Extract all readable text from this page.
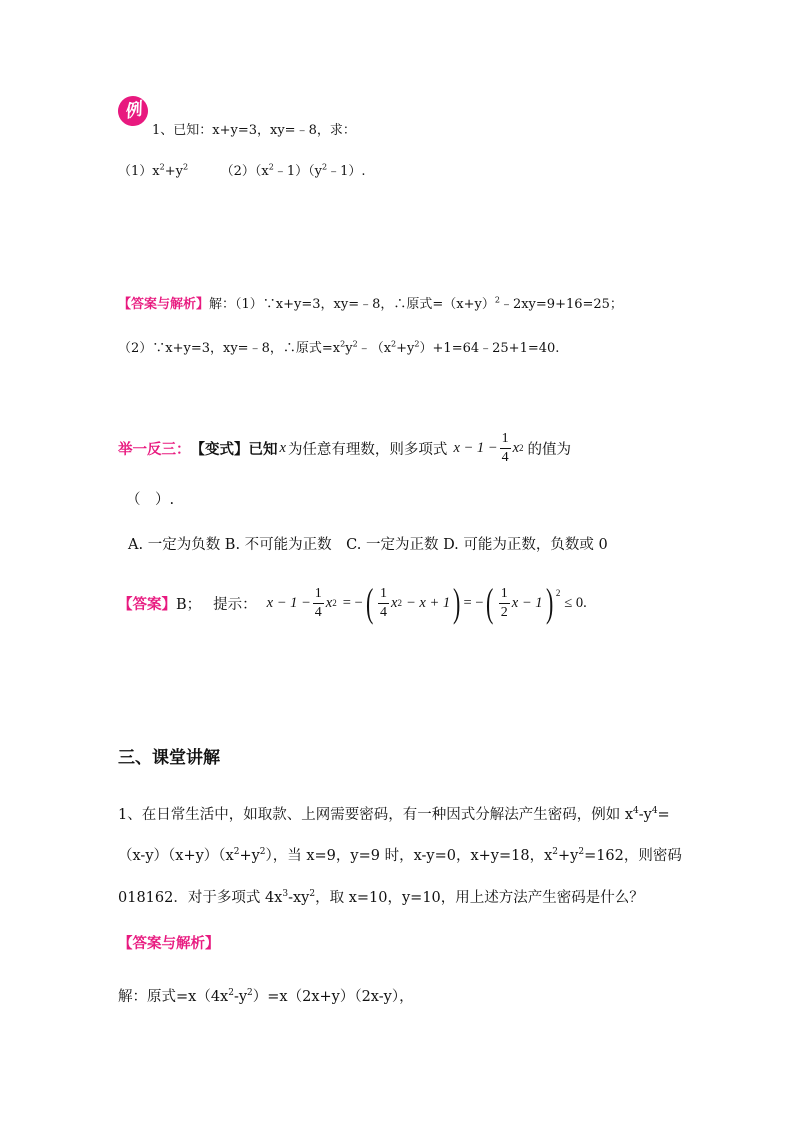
例
1、已知：x+y=3，xy=﹣8，求：
$(1)x^2+y^2$　　　	$(2)(x^2﹣1)(y^2﹣1)$.
【答案与解析】解：（1）∵x+y=3，xy=﹣8，∴原式$=(x+y)^2﹣2xy=9+16=25$；
（2）∵x+y=3，xy=﹣8，∴原式$=x^2y^2﹣(x^2+y^2)+1=64﹣25+1=40$.
举一反三： 【变式】已知 x 为任意有理数，则多项式 $x - 1 - \frac{1}{4}$ x 2 的值为
（　）.
A. 一定为负数 B. 不可能为正数　C. 一定为正数 D. 可能为正数，负数或 0
【答案】 B； 提示： $x - 1 - \frac{1}{4}$ x 2 = − ( $\frac{1}{4}$ x 2 − x + 1 ) = − ( $\frac{1}{2}$ x − 1 ) $^2$
≤ 0.
三、课堂讲解
1、在日常生活中，如取款、上网需要密码，有一种因式分解法产生密码，例如 $x^4-y^4=$
$(x-y)(x+y)(x^2+y^2)$，当 x=9，y=9 时，x-y=0，x+y=18，$x^2+y^2=162$，则密码
018162．对于多项式 $4x^3-xy^2$，取 x=10，y=10，用上述方法产生密码是什么？
【答案与解析】
解：原式$=x(4x^2-y^2)=x(2x+y)(2x-y)$，
